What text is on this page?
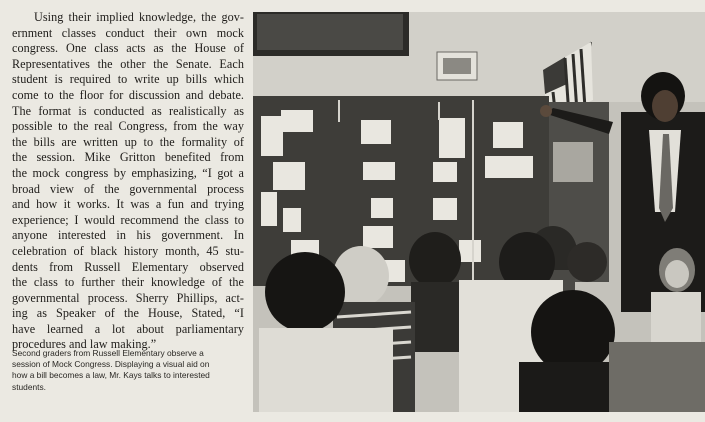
Using their implied knowledge, the gov-
ernment classes conduct their own mock
congress. One class acts as the House of
Representatives the other the Senate. Each
student is required to write up bills which
come to the floor for discussion and debate.
The format is conducted as realistically as
possible to the real Congress, from the way
the bills are written up to the formality of
the session. Mike Gritton benefited from
the mock congress by emphasizing, “I got a
broad view of the governmental process
and how it works. It was a fun and trying
experience; I would recommend the class to
anyone interested in his government. In
celebration of black history month, 45 stu-
dents from Russell Elementary observed
the class to further their knowledge of the
governmental process. Sherry Phillips, act-
ing as Speaker of the House, Stated, “I
have learned a lot about parliamentary
procedures and law making.”
Second graders from Russell Elementary observe a
session of Mock Congress. Displaying a visual aid on
how a bill becomes a law, Mr. Kays talks to interested
students.
